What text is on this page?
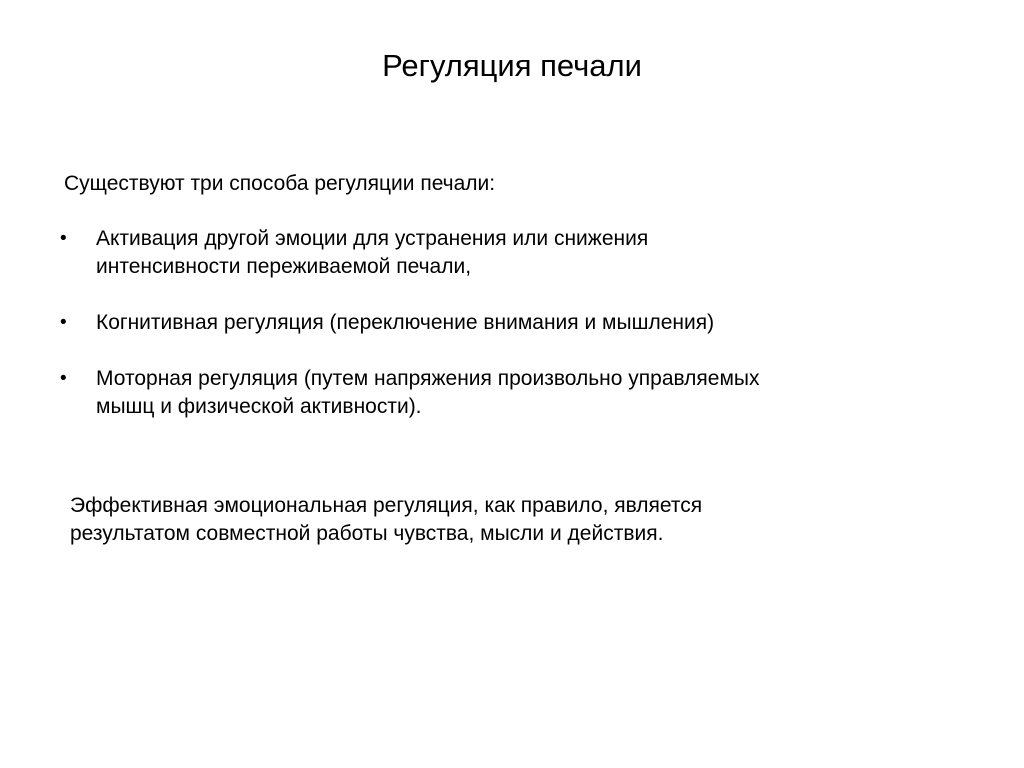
Регуляция печали

Существуют три способа регуляции печали:

•	Активация другой эмоции для устранения или снижения
интенсивности переживаемой печали,
•	Когнитивная регуляция (переключение внимания и мышления)
•	Моторная регуляция (путем напряжения произвольно управляемых
мышц и физической активности).

Эффективная эмоциональная регуляция, как правило, является
результатом совместной работы чувства, мысли и действия.
